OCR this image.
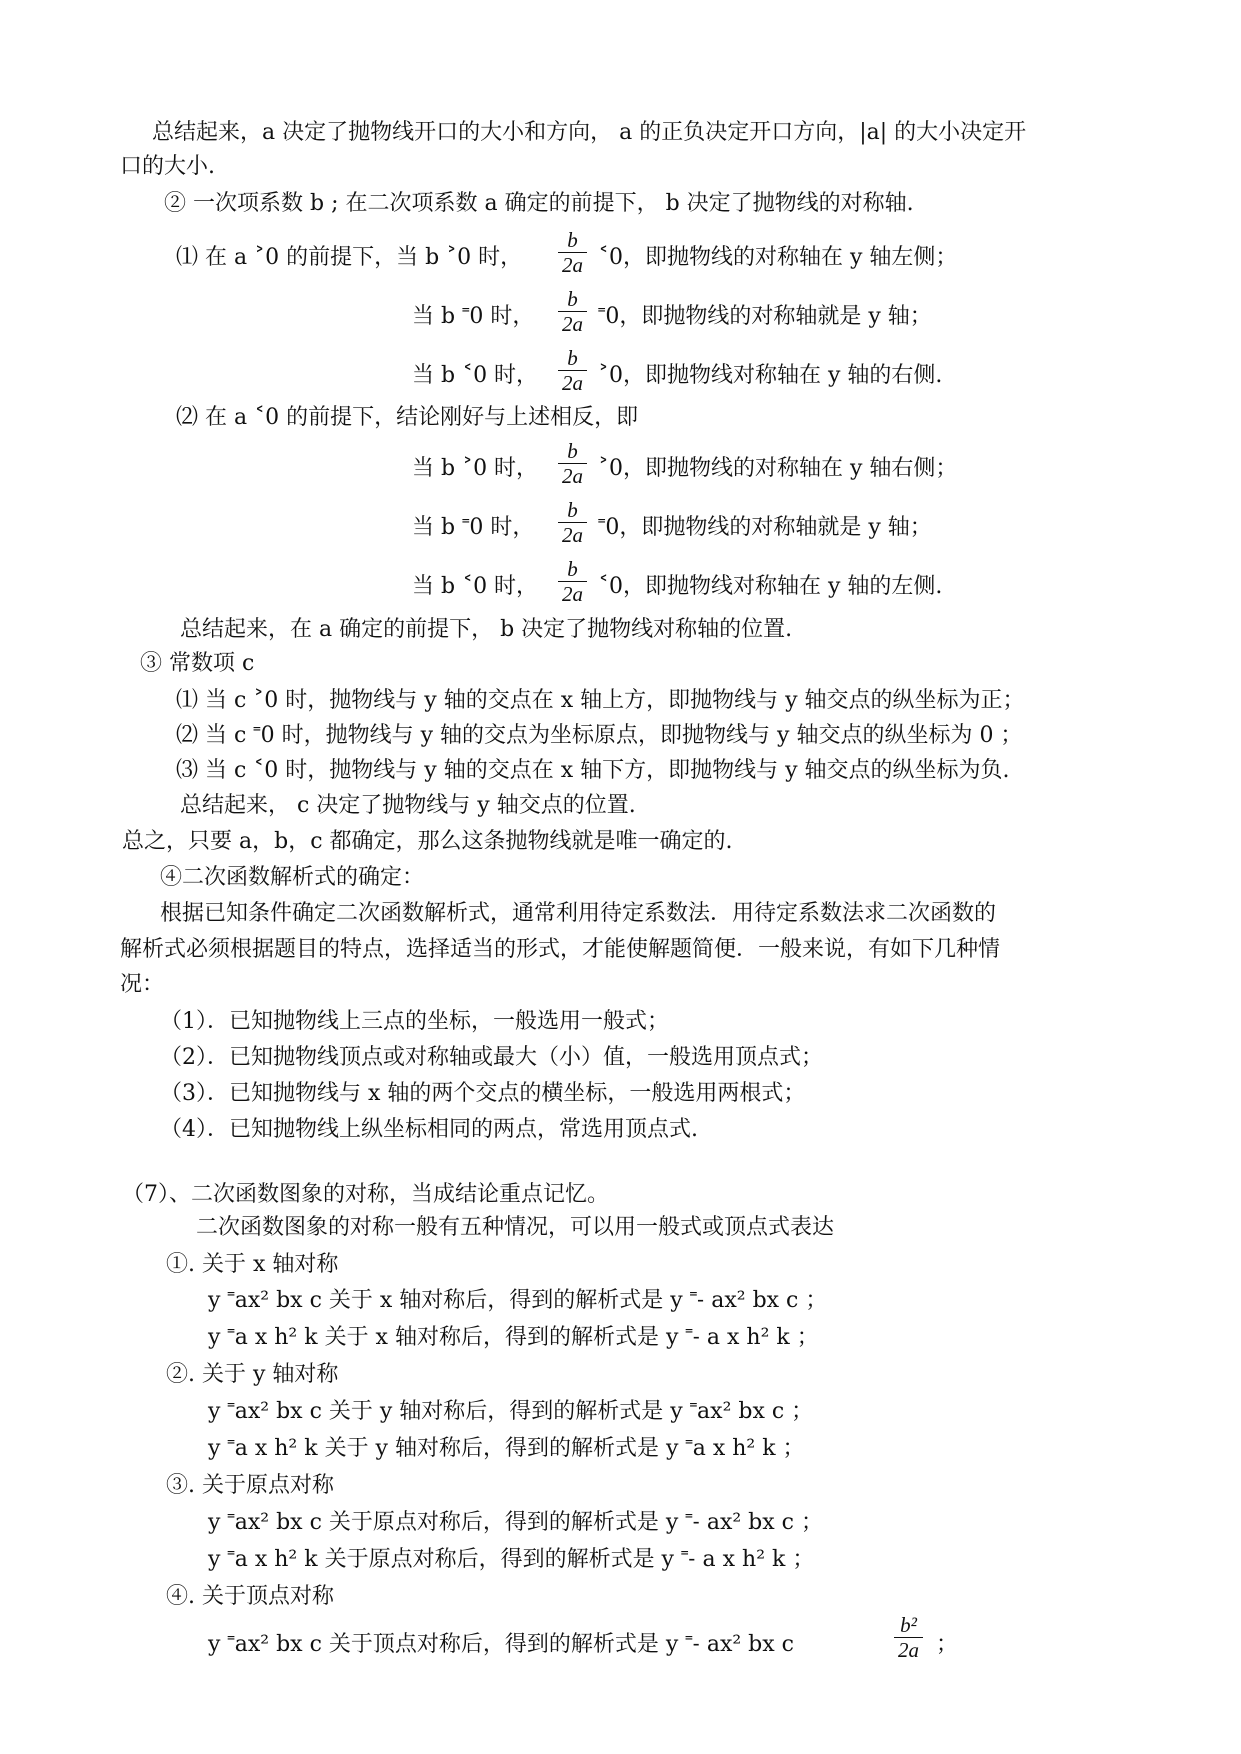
总结起来，a 决定了抛物线开口的大小和方向， a 的正负决定开口方向，|a| 的大小决定开
口的大小.
② 一次项系数 b ; 在二次项系数 a 确定的前提下， b 决定了抛物线的对称轴.
⑴ 在 a ˃0 的前提下，当 b ˃0 时， $\frac{b}{2a}$ ˂0，即抛物线的对称轴在 y 轴左侧；
当 b ˭0 时， $\frac{b}{2a}$ ˭0，即抛物线的对称轴就是 y 轴；
当 b ˂0 时， $\frac{b}{2a}$ ˃0，即抛物线对称轴在 y 轴的右侧.
⑵ 在 a ˂0 的前提下，结论刚好与上述相反，即
当 b ˃0 时， $\frac{b}{2a}$ ˃0，即抛物线的对称轴在 y 轴右侧；
当 b ˭0 时， $\frac{b}{2a}$ ˭0，即抛物线的对称轴就是 y 轴；
当 b ˂0 时， $\frac{b}{2a}$ ˂0，即抛物线对称轴在 y 轴的左侧.
总结起来，在 a 确定的前提下， b 决定了抛物线对称轴的位置.
③ 常数项 c
⑴ 当 c ˃0 时，抛物线与 y 轴的交点在 x 轴上方，即抛物线与 y 轴交点的纵坐标为正；
⑵ 当 c ˭0 时，抛物线与 y 轴的交点为坐标原点，即抛物线与 y 轴交点的纵坐标为 0 ；
⑶ 当 c ˂0 时，抛物线与 y 轴的交点在 x 轴下方，即抛物线与 y 轴交点的纵坐标为负.
总结起来， c 决定了抛物线与 y 轴交点的位置.
总之，只要 a，b，c 都确定，那么这条抛物线就是唯一确定的.
④二次函数解析式的确定：
根据已知条件确定二次函数解析式，通常利用待定系数法．用待定系数法求二次函数的
解析式必须根据题目的特点，选择适当的形式，才能使解题简便．一般来说，有如下几种情
况：
（1）．已知抛物线上三点的坐标，一般选用一般式；
（2）．已知抛物线顶点或对称轴或最大（小）值，一般选用顶点式；
（3）．已知抛物线与 x 轴的两个交点的横坐标，一般选用两根式；
（4）．已知抛物线上纵坐标相同的两点，常选用顶点式.
（7）、二次函数图象的对称，当成结论重点记忆。
二次函数图象的对称一般有五种情况，可以用一般式或顶点式表达
①. 关于 x 轴对称
y ˭ax² bx c 关于 x 轴对称后，得到的解析式是 y ˭˗ ax² bx c ；
y ˭a x h² k 关于 x 轴对称后，得到的解析式是 y ˭˗ a x h² k ；
②. 关于 y 轴对称
y ˭ax² bx c 关于 y 轴对称后，得到的解析式是 y ˭ax² bx c ；
y ˭a x h² k 关于 y 轴对称后，得到的解析式是 y ˭a x h² k ；
③. 关于原点对称
y ˭ax² bx c 关于原点对称后，得到的解析式是 y ˭˗ ax² bx c ；
y ˭a x h² k 关于原点对称后，得到的解析式是 y ˭˗ a x h² k ；
④. 关于顶点对称
y ˭ax² bx c 关于顶点对称后，得到的解析式是 y ˭˗ ax² bx c	$\frac{\text{b²}}{2a}$ ；
